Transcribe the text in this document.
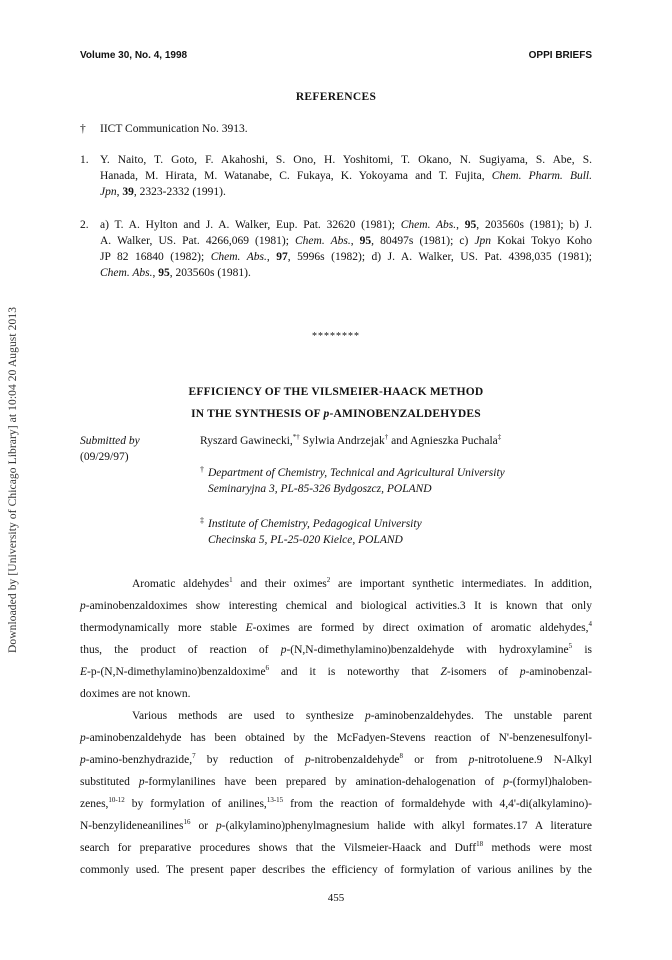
Downloaded by [University of Chicago Library] at 10:04 20 August 2013
Volume 30, No. 4, 1998	OPPI BRIEFS
REFERENCES
†	IICT Communication No. 3913.
1. Y. Naito, T. Goto, F. Akahoshi, S. Ono, H. Yoshitomi, T. Okano, N. Sugiyama, S. Abe, S.
Hanada, M. Hirata, M. Watanabe, C. Fukaya, K. Yokoyama and T. Fujita, Chem. Pharm. Bull.
Jpn, 39, 2323-2332 (1991).
2. a) T. A. Hylton and J. A. Walker, Eup. Pat. 32620 (1981); Chem. Abs., 95, 203560s (1981); b) J.
A. Walker, US. Pat. 4266,069 (1981); Chem. Abs., 95, 80497s (1981); c) Jpn Kokai Tokyo Koho
JP 82 16840 (1982); Chem. Abs., 97, 5996s (1982); d) J. A. Walker, US. Pat. 4398,035 (1981);
Chem. Abs., 95, 203560s (1981).
********
EFFICIENCY OF THE VILSMEIER-HAACK METHOD
IN THE SYNTHESIS OF p-AMINOBENZALDEHYDES
Submitted by
(09/29/97)
Ryszard Gawinecki,*† Sylwia Andrzejak† and Agnieszka Puchala‡
† Department of Chemistry, Technical and Agricultural University
Seminaryjna 3, PL-85-326 Bydgoszcz, POLAND
‡ Institute of Chemistry, Pedagogical University
Checinska 5, PL-25-020 Kielce, POLAND
Aromatic aldehydes$^1$ and their oximes$^2$ are important synthetic intermediates. In addition,
p-aminobenzaldoximes show interesting chemical and biological activities.3 It is known that only
thermodynamically more stable E-oximes are formed by direct oximation of aromatic aldehydes,$^4$
thus, the product of reaction of p-(N,N-dimethylamino)benzaldehyde with hydroxylamine$^5$ is
E-p-(N,N-dimethylamino)benzaldoxime$^6$ and it is noteworthy that Z-isomers of p-aminobenzal-
doximes are not known.
Various methods are used to synthesize p-aminobenzaldehydes. The unstable parent
p-aminobenzaldehyde has been obtained by the McFadyen-Stevens reaction of N'-benzenesulfonyl-
p-amino-benzhydrazide,$^7$ by reduction of p-nitrobenzaldehyde$^8$ or from p-nitrotoluene.9 N-Alkyl
substituted p-formylanilines have been prepared by amination-dehalogenation of p-(formyl)haloben-
zenes,$^{10-12}$ by formylation of anilines,$^{13-15}$ from the reaction of formaldehyde with 4,4'-di(alkylamino)-
N-benzylideneanilines$^{16}$ or p-(alkylamino)phenylmagnesium halide with alkyl formates.17 A literature
search for preparative procedures shows that the Vilsmeier-Haack and Duff$^{18}$ methods were most
commonly used. The present paper describes the efficiency of formylation of various anilines by the
455
